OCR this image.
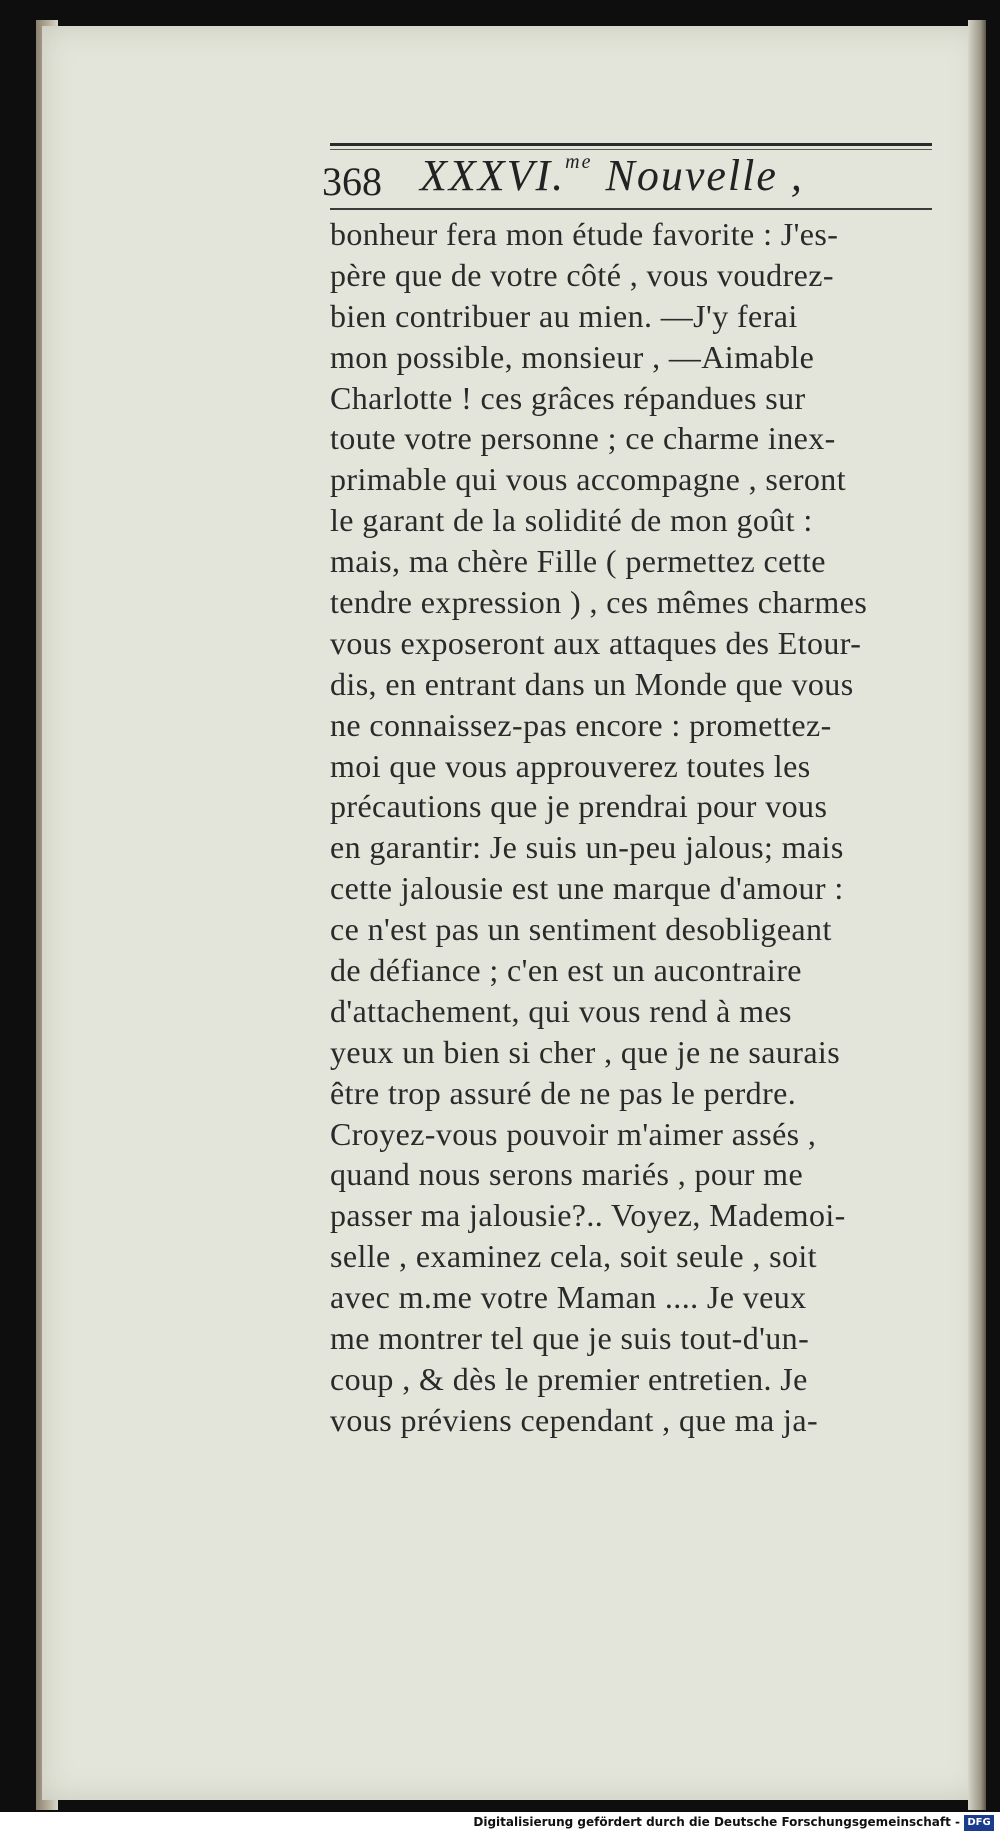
368 XXXVI.$^{me}$ Nouvelle ,
bonheur fera mon étude favorite : J'es-
père que de votre côté , vous voudrez-
bien contribuer au mien. —J'y ferai
mon possible, monsieur , —Aimable
Charlotte ! ces grâces répandues sur
toute votre personne ; ce charme inex-
primable qui vous accompagne , seront
le garant de la solidité de mon goût :
mais, ma chère Fille ( permettez cette
tendre expression ) , ces mêmes charmes
vous exposeront aux attaques des Etour-
dis, en entrant dans un Monde que vous
ne connaissez-pas encore : promettez-
moi que vous approuverez toutes les
précautions que je prendrai pour vous
en garantir: Je suis un-peu jalous; mais
cette jalousie est une marque d'amour :
ce n'est pas un sentiment desobligeant
de défiance ; c'en est un aucontraire
d'attachement, qui vous rend à mes
yeux un bien si cher , que je ne saurais
être trop assuré de ne pas le perdre.
Croyez-vous pouvoir m'aimer assés ,
quand nous serons mariés , pour me
passer ma jalousie?.. Voyez, Mademoi-
selle , examinez cela, soit seule , soit
avec m.me votre Maman .... Je veux
me montrer tel que je suis tout-d'un-
coup , & dès le premier entretien. Je
vous préviens cependant , que ma ja-
Digitalisierung gefördert durch die Deutsche Forschungsgemeinschaft - DFG
